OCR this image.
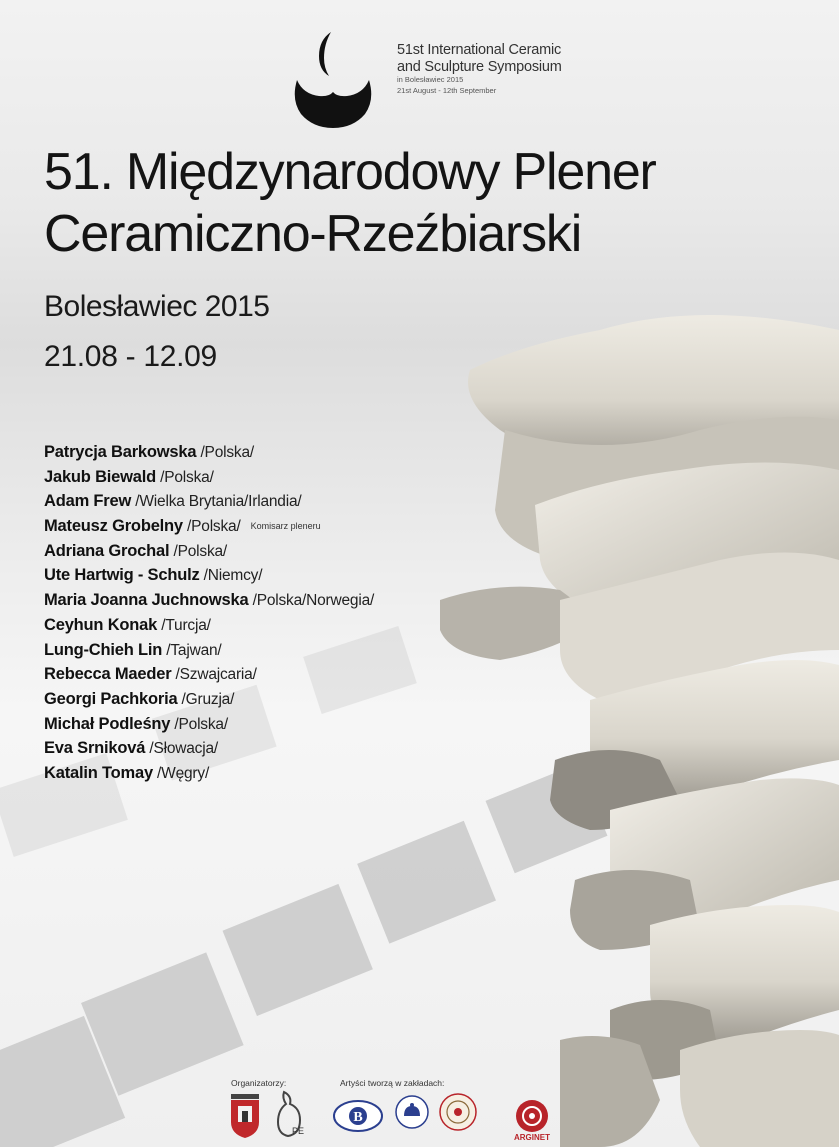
51st International Ceramic
and Sculpture Symposium
in Bolesławiec 2015
21st August - 12th September
51. Międzynarodowy Plener
Ceramiczno-Rzeźbiarski
Bolesławiec 2015
21.08 - 12.09
Patrycja Barkowska /Polska/
Jakub Biewald /Polska/
Adam Frew /Wielka Brytania/Irlandia/
Mateusz Grobelny /Polska/ Komisarz pleneru
Adriana Grochal /Polska/
Ute Hartwig - Schulz /Niemcy/
Maria Joanna Juchnowska /Polska/Norwegia/
Ceyhun Konak /Turcja/
Lung-Chieh Lin /Tajwan/
Rebecca Maeder /Szwajcaria/
Georgi Pachkoria /Gruzja/
Michał Podleśny /Polska/
Eva Srniková /Słowacja/
Katalin Tomay /Węgry/
Organizatorzy:	Artyści tworzą w zakładach:
PE
B
ARGINET
